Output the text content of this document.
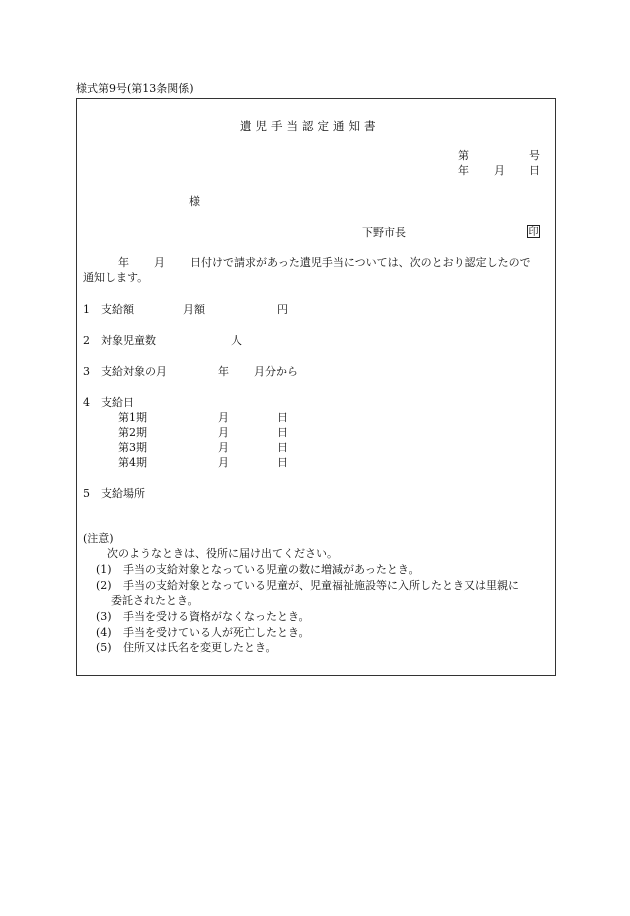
様式第9号(第13条関係)
遺児手当認定通知書
第	号
年 月 日
様
下野市長	印
年 月 日付けで請求があった遺児手当については、次のとおり認定したので
通知します。
1 支給額	月額	円
2 対象児童数	人
3 支給対象の月	年 月分から
4 支給日
第1期	月	日
第2期	月	日
第3期	月	日
第4期	月	日
5 支給場所
(注意)
次のようなときは、役所に届け出てください。
(1) 手当の支給対象となっている児童の数に増減があったとき。
(2) 手当の支給対象となっている児童が、児童福祉施設等に入所したとき又は里親に
委託されたとき。
(3) 手当を受ける資格がなくなったとき。
(4) 手当を受けている人が死亡したとき。
(5) 住所又は氏名を変更したとき。
